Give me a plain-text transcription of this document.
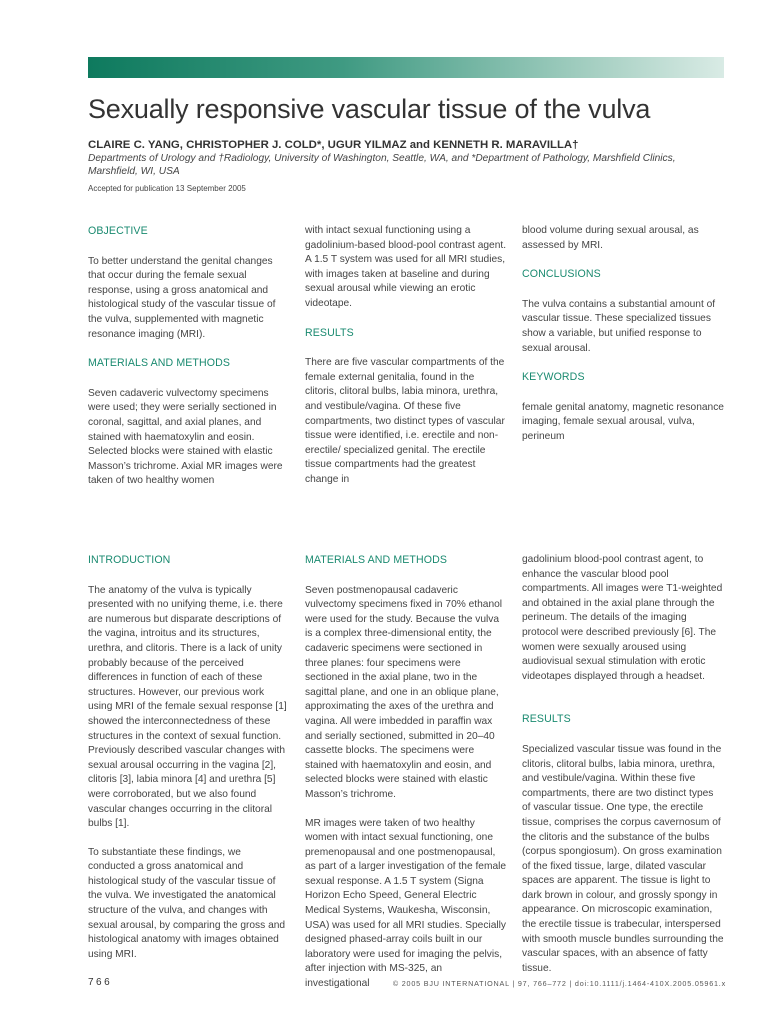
Sexually responsive vascular tissue of the vulva
CLAIRE C. YANG, CHRISTOPHER J. COLD*, UGUR YILMAZ and KENNETH R. MARAVILLA†
Departments of Urology and †Radiology, University of Washington, Seattle, WA, and *Department of Pathology, Marshfield Clinics, Marshfield, WI, USA
Accepted for publication 13 September 2005
OBJECTIVE

To better understand the genital changes that occur during the female sexual response, using a gross anatomical and histological study of the vascular tissue of the vulva, supplemented with magnetic resonance imaging (MRI).

MATERIALS AND METHODS

Seven cadaveric vulvectomy specimens were used; they were serially sectioned in coronal, sagittal, and axial planes, and stained with haematoxylin and eosin. Selected blocks were stained with elastic Masson’s trichrome. Axial MR images were taken of two healthy women

with intact sexual functioning using a gadolinium-based blood-pool contrast agent. A 1.5 T system was used for all MRI studies, with images taken at baseline and during sexual arousal while viewing an erotic videotape.

RESULTS

There are five vascular compartments of the female external genitalia, found in the clitoris, clitoral bulbs, labia minora, urethra, and vestibule/vagina. Of these five compartments, two distinct types of vascular tissue were identified, i.e. erectile and non-erectile/ specialized genital. The erectile tissue compartments had the greatest change in

blood volume during sexual arousal, as assessed by MRI.

CONCLUSIONS

The vulva contains a substantial amount of vascular tissue. These specialized tissues show a variable, but unified response to sexual arousal.

KEYWORDS

female genital anatomy, magnetic resonance imaging, female sexual arousal, vulva, perineum

INTRODUCTION

The anatomy of the vulva is typically presented with no unifying theme, i.e. there are numerous but disparate descriptions of the vagina, introitus and its structures, urethra, and clitoris. There is a lack of unity probably because of the perceived differences in function of each of these structures. However, our previous work using MRI of the female sexual response [1] showed the interconnectedness of these structures in the context of sexual function. Previously described vascular changes with sexual arousal occurring in the vagina [2], clitoris [3], labia minora [4] and urethra [5] were corroborated, but we also found vascular changes occurring in the clitoral bulbs [1].

To substantiate these findings, we conducted a gross anatomical and histological study of the vascular tissue of the vulva. We investigated the anatomical structure of the vulva, and changes with sexual arousal, by comparing the gross and histological anatomy with images obtained using MRI.

MATERIALS AND METHODS

Seven postmenopausal cadaveric vulvectomy specimens fixed in 70% ethanol were used for the study. Because the vulva is a complex three-dimensional entity, the cadaveric specimens were sectioned in three planes: four specimens were sectioned in the axial plane, two in the sagittal plane, and one in an oblique plane, approximating the axes of the urethra and vagina. All were imbedded in paraffin wax and serially sectioned, submitted in 20–40 cassette blocks. The specimens were stained with haematoxylin and eosin, and selected blocks were stained with elastic Masson’s trichrome.

MR images were taken of two healthy women with intact sexual functioning, one premenopausal and one postmenopausal, as part of a larger investigation of the female sexual response. A 1.5 T system (Signa Horizon Echo Speed, General Electric Medical Systems, Waukesha, Wisconsin, USA) was used for all MRI studies. Specially designed phased-array coils built in our laboratory were used for imaging the pelvis, after injection with MS-325, an investigational

gadolinium blood-pool contrast agent, to enhance the vascular blood pool compartments. All images were T1-weighted and obtained in the axial plane through the perineum. The details of the imaging protocol were described previously [6]. The women were sexually aroused using audiovisual sexual stimulation with erotic videotapes displayed through a headset.

RESULTS

Specialized vascular tissue was found in the clitoris, clitoral bulbs, labia minora, urethra, and vestibule/vagina. Within these five compartments, there are two distinct types of vascular tissue. One type, the erectile tissue, comprises the corpus cavernosum of the clitoris and the substance of the bulbs (corpus spongiosum). On gross examination of the fixed tissue, large, dilated vascular spaces are apparent. The tissue is light to dark brown in colour, and grossly spongy in appearance. On microscopic examination, the erectile tissue is trabecular, interspersed with smooth muscle bundles surrounding the vascular spaces, with an absence of fatty tissue.

766	© 2005 BJU INTERNATIONAL | 97, 766–772 | doi:10.1111/j.1464-410X.2005.05961.x
